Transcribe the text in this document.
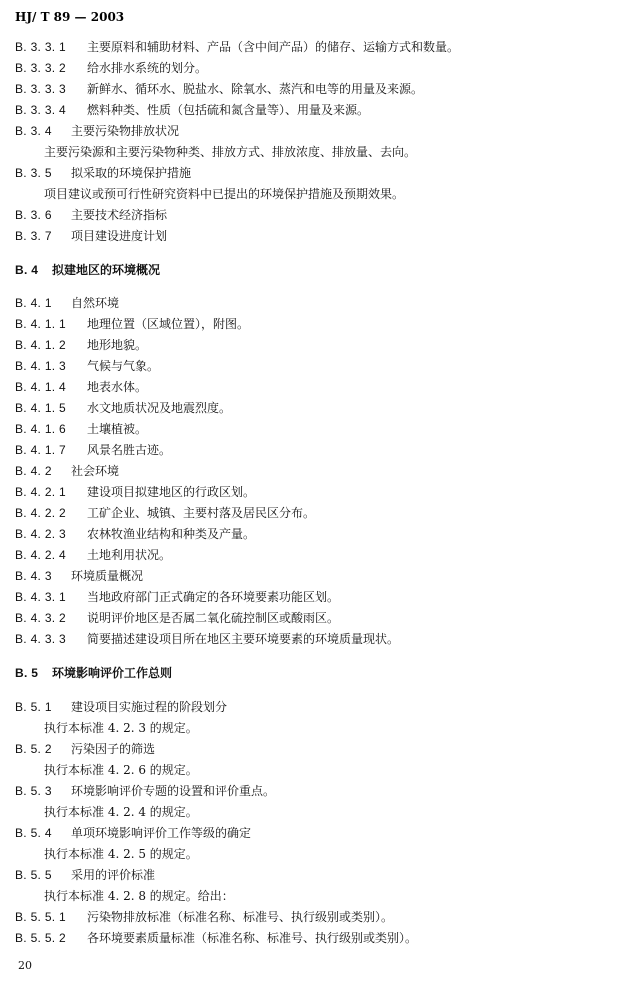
HJ/ T 89 — 2003
B. 3. 3. 1 主要原料和辅助材料、产品（含中间产品）的储存、运输方式和数量。
B. 3. 3. 2 给水排水系统的划分。
B. 3. 3. 3 新鲜水、循环水、脱盐水、除氧水、蒸汽和电等的用量及来源。
B. 3. 3. 4 燃料种类、性质（包括硫和氮含量等）、用量及来源。
B. 3. 4 主要污染物排放状况
主要污染源和主要污染物种类、排放方式、排放浓度、排放量、去向。
B. 3. 5 拟采取的环境保护措施
项目建议或预可行性研究资料中已提出的环境保护措施及预期效果。
B. 3. 6 主要技术经济指标
B. 3. 7 项目建设进度计划
B. 4 拟建地区的环境概况
B. 4. 1 自然环境
B. 4. 1. 1 地理位置（区域位置），附图。
B. 4. 1. 2 地形地貌。
B. 4. 1. 3 气候与气象。
B. 4. 1. 4 地表水体。
B. 4. 1. 5 水文地质状况及地震烈度。
B. 4. 1. 6 土壤植被。
B. 4. 1. 7 风景名胜古迹。
B. 4. 2 社会环境
B. 4. 2. 1 建设项目拟建地区的行政区划。
B. 4. 2. 2 工矿企业、城镇、主要村落及居民区分布。
B. 4. 2. 3 农林牧渔业结构和种类及产量。
B. 4. 2. 4 土地利用状况。
B. 4. 3 环境质量概况
B. 4. 3. 1 当地政府部门正式确定的各环境要素功能区划。
B. 4. 3. 2 说明评价地区是否属二氧化硫控制区或酸雨区。
B. 4. 3. 3 简要描述建设项目所在地区主要环境要素的环境质量现状。
B. 5 环境影响评价工作总则
B. 5. 1 建设项目实施过程的阶段划分
执行本标准 4. 2. 3 的规定。
B. 5. 2 污染因子的筛选
执行本标准 4. 2. 6 的规定。
B. 5. 3 环境影响评价专题的设置和评价重点。
执行本标准 4. 2. 4 的规定。
B. 5. 4 单项环境影响评价工作等级的确定
执行本标准 4. 2. 5 的规定。
B. 5. 5 采用的评价标准
执行本标准 4. 2. 8 的规定。给出：
B. 5. 5. 1 污染物排放标准（标准名称、标准号、执行级别或类别）。
B. 5. 5. 2 各环境要素质量标准（标准名称、标准号、执行级别或类别）。
20
